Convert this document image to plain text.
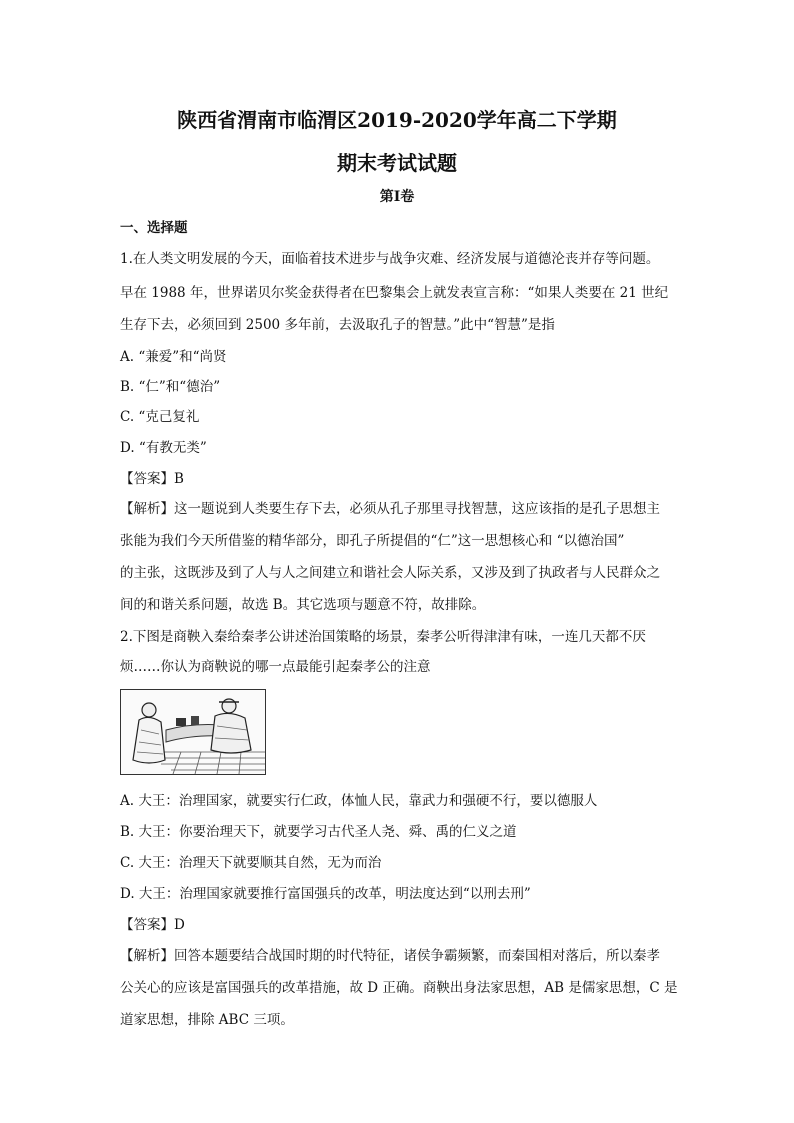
陕西省渭南市临渭区2019-2020学年高二下学期
期末考试试题
第Ⅰ卷
一、选择题
1.在人类文明发展的今天，面临着技术进步与战争灾难、经济发展与道德沦丧并存等问题。
早在 1988 年，世界诺贝尔奖金获得者在巴黎集会上就发表宣言称：“如果人类要在 21 世纪
生存下去，必须回到 2500 多年前，去汲取孔子的智慧。”此中“智慧”是指
A. “兼爱”和“尚贤
B. “仁”和“德治”
C. “克己复礼
D. “有教无类”
【答案】B
【解析】这一题说到人类要生存下去，必须从孔子那里寻找智慧，这应该指的是孔子思想主
张能为我们今天所借鉴的精华部分，即孔子所提倡的“仁”这一思想核心和 “以德治国”
的主张，这既涉及到了人与人之间建立和谐社会人际关系，又涉及到了执政者与人民群众之
间的和谐关系问题，故选 B。其它选项与题意不符，故排除。
2.下图是商鞅入秦给秦孝公讲述治国策略的场景，秦孝公听得津津有味，一连几天都不厌
烦……你认为商鞅说的哪一点最能引起秦孝公的注意
A. 大王：治理国家，就要实行仁政，体恤人民，靠武力和强硬不行，要以德服人
B. 大王：你要治理天下，就要学习古代圣人尧、舜、禹的仁义之道
C. 大王：治理天下就要顺其自然，无为而治
D. 大王：治理国家就要推行富国强兵的改革，明法度达到“以刑去刑”
【答案】D
【解析】回答本题要结合战国时期的时代特征，诸侯争霸频繁，而秦国相对落后，所以秦孝
公关心的应该是富国强兵的改革措施，故 D 正确。商鞅出身法家思想，AB 是儒家思想，C 是
道家思想，排除 ABC 三项。
